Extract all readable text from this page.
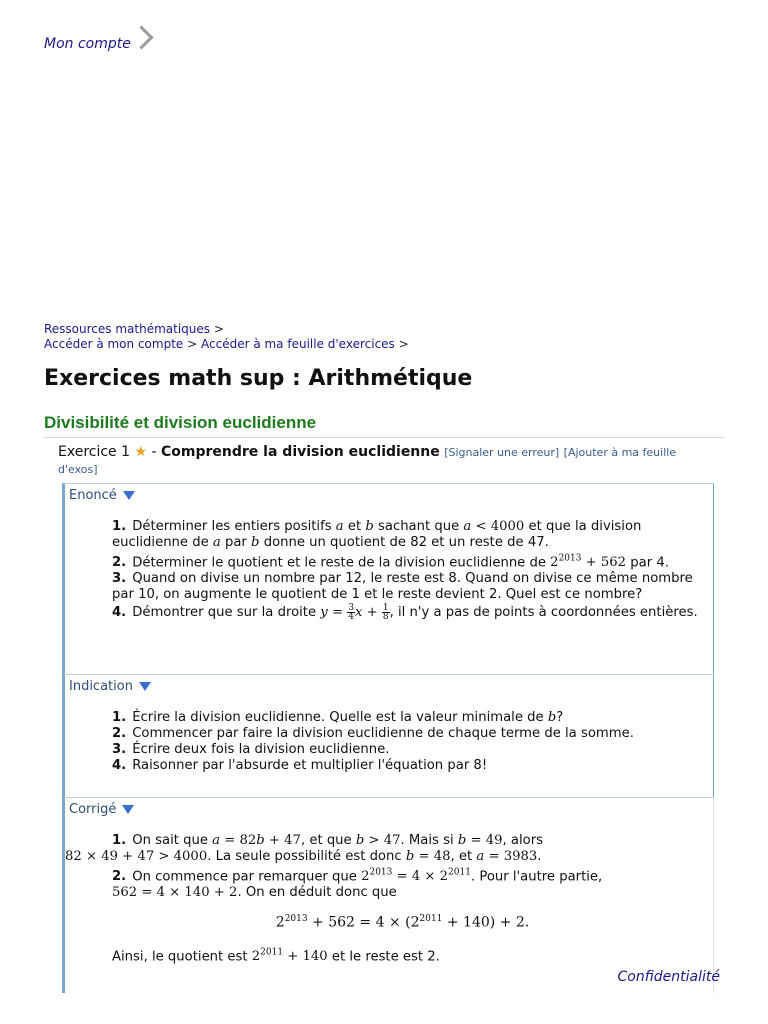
Mon compte
Ressources mathématiques >
Accéder à mon compte > Accéder à ma feuille d'exercices >
Exercices math sup : Arithmétique
Divisibilité et division euclidienne
Exercice 1 ★ - Comprendre la division euclidienne [Signaler une erreur] [Ajouter à ma feuille d'exos]
Enoncé
1. Déterminer les entiers positifs a et b sachant que a < 4000 et que la division euclidienne de a par b donne un quotient de 82 et un reste de 47.
2. Déterminer le quotient et le reste de la division euclidienne de $2^{2013} + 562$ par 4.
3. Quand on divise un nombre par 12, le reste est 8. Quand on divise ce même nombre par 10, on augmente le quotient de 1 et le reste devient 2. Quel est ce nombre?
4. Démontrer que sur la droite $y = \frac{3}{4}$ $x + \frac{1}{8}$ , il n'y a pas de points à coordonnées entières.
Indication
1. Écrire la division euclidienne. Quelle est la valeur minimale de b?
2. Commencer par faire la division euclidienne de chaque terme de la somme.
3. Écrire deux fois la division euclidienne.
4. Raisonner par l'absurde et multiplier l'équation par 8!
Corrigé

1. On sait que a = 82b + 47, et que b > 47. Mais si b = 49, alors
82 × 49 + 47 > 4000. La seule possibilité est donc b = 48, et a = 3983.

2. On commence par remarquer que $2^{2013} = 4 \times 2^{2011}$. Pour l'autre partie,
562 = 4 × 140 + 2. On en déduit donc que

$2^{2013} + 562 = 4 \times (2^{2011} + 140) + 2$.

Ainsi, le quotient est $2^{2011} + 140$ et le reste est 2.

Confidentialité
